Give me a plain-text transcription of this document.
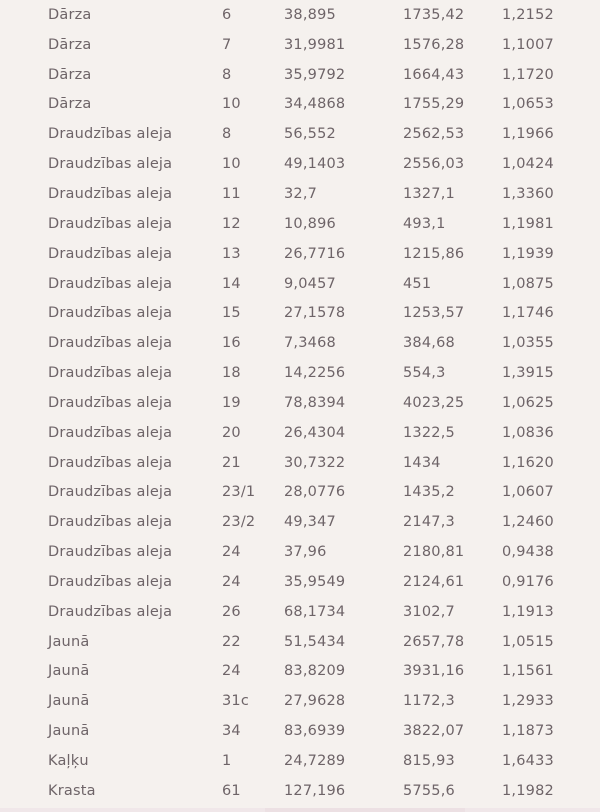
Dārza	6	38,895	1735,42	1,2152
Dārza	7	31,9981	1576,28	1,1007
Dārza	8	35,9792	1664,43	1,1720
Dārza	10	34,4868	1755,29	1,0653
Draudzības aleja	8	56,552	2562,53	1,1966
Draudzības aleja	10	49,1403	2556,03	1,0424
Draudzības aleja	11	32,7	1327,1	1,3360
Draudzības aleja	12	10,896	493,1	1,1981
Draudzības aleja	13	26,7716	1215,86	1,1939
Draudzības aleja	14	9,0457	451	1,0875
Draudzības aleja	15	27,1578	1253,57	1,1746
Draudzības aleja	16	7,3468	384,68	1,0355
Draudzības aleja	18	14,2256	554,3	1,3915
Draudzības aleja	19	78,8394	4023,25	1,0625
Draudzības aleja	20	26,4304	1322,5	1,0836
Draudzības aleja	21	30,7322	1434	1,1620
Draudzības aleja	23/1	28,0776	1435,2	1,0607
Draudzības aleja	23/2	49,347	2147,3	1,2460
Draudzības aleja	24	37,96	2180,81	0,9438
Draudzības aleja	24	35,9549	2124,61	0,9176
Draudzības aleja	26	68,1734	3102,7	1,1913
Jaunā	22	51,5434	2657,78	1,0515
Jaunā	24	83,8209	3931,16	1,1561
Jaunā	31c	27,9628	1172,3	1,2933
Jaunā	34	83,6939	3822,07	1,1873
Kaļķu	1	24,7289	815,93	1,6433
Krasta	61	127,196	5755,6	1,1982
